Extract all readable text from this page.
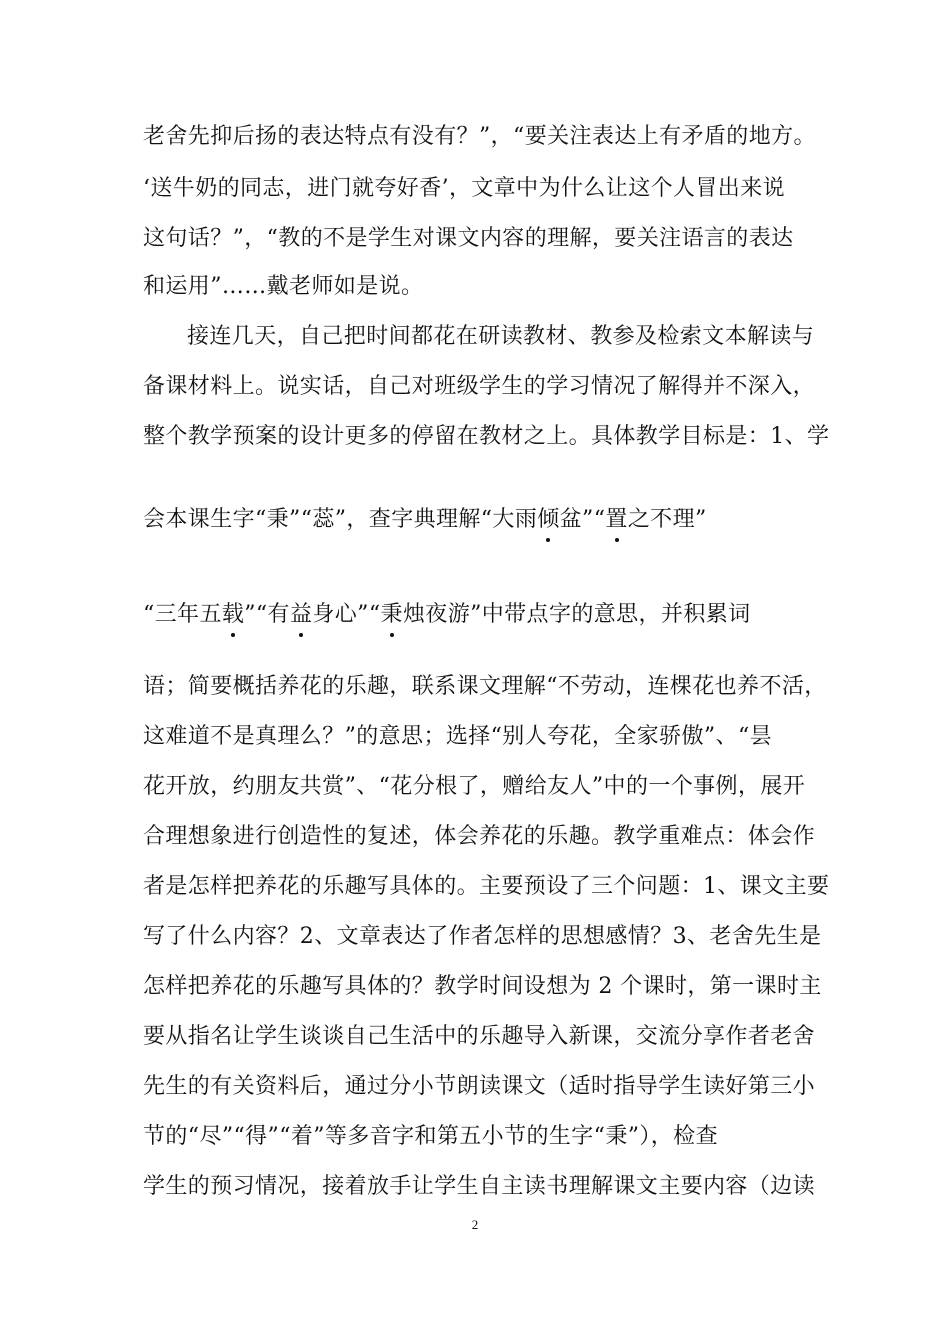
老舍先抑后扬的表达特点有没有？”，“要关注表达上有矛盾的地方。
‘送牛奶的同志，进门就夸好香’，文章中为什么让这个人冒出来说
这句话？”，“教的不是学生对课文内容的理解，要关注语言的表达
和运用”……戴老师如是说。
接连几天，自己把时间都花在研读教材、教参及检索文本解读与
备课材料上。说实话，自己对班级学生的学习情况了解得并不深入，
整个教学预案的设计更多的停留在教材之上。具体教学目标是：1、学
会本课生字“秉”“蕊”，查字典理解“大雨倾盆”“置之不理”
“三年五载”“有益身心”“秉烛夜游”中带点字的意思，并积累词
语；简要概括养花的乐趣，联系课文理解“不劳动，连棵花也养不活，
这难道不是真理么？”的意思；选择“别人夸花，全家骄傲”、“昙
花开放，约朋友共赏”、“花分根了，赠给友人”中的一个事例，展开
合理想象进行创造性的复述，体会养花的乐趣。教学重难点：体会作
者是怎样把养花的乐趣写具体的。主要预设了三个问题：1、课文主要
写了什么内容？2、文章表达了作者怎样的思想感情？3、老舍先生是
怎样把养花的乐趣写具体的？教学时间设想为 2 个课时，第一课时主
要从指名让学生谈谈自己生活中的乐趣导入新课，交流分享作者老舍
先生的有关资料后，通过分小节朗读课文（适时指导学生读好第三小
节的“尽”“得”“着”等多音字和第五小节的生字“秉”），检查
学生的预习情况，接着放手让学生自主读书理解课文主要内容（边读
2
